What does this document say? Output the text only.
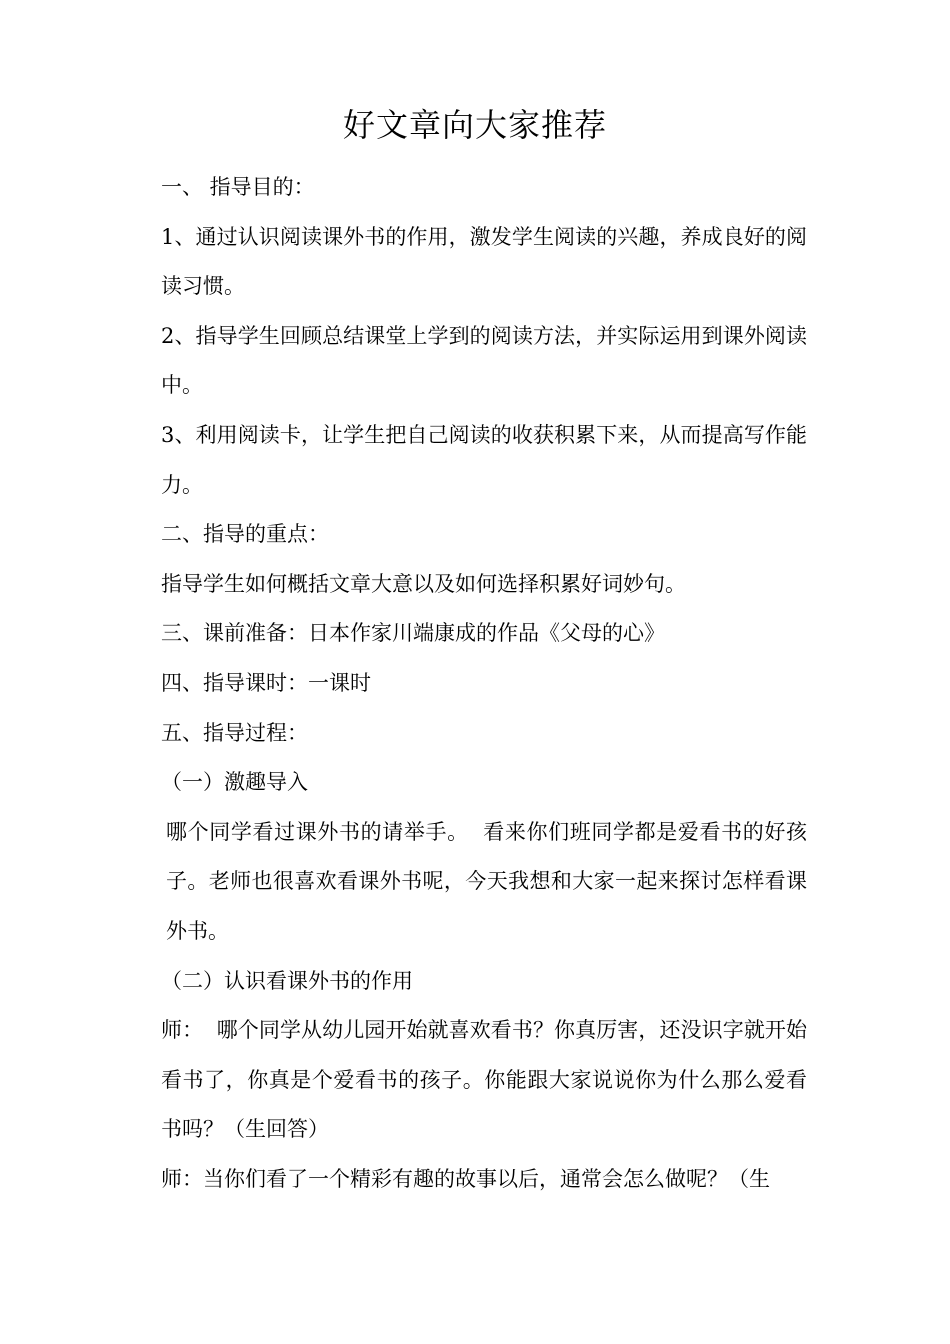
好文章向大家推荐

一、 指导目的：

1、通过认识阅读课外书的作用，激发学生阅读的兴趣，养成良好的阅读习惯。

2、指导学生回顾总结课堂上学到的阅读方法，并实际运用到课外阅读中。

3、利用阅读卡，让学生把自己阅读的收获积累下来，从而提高写作能力。

二、指导的重点：

指导学生如何概括文章大意以及如何选择积累好词妙句。

三、课前准备：日本作家川端康成的作品《父母的心》

四、指导课时：一课时

五、指导过程：

（一）激趣导入

哪个同学看过课外书的请举手。  看来你们班同学都是爱看书的好孩子。老师也很喜欢看课外书呢，今天我想和大家一起来探讨怎样看课外书。

（二）认识看课外书的作用

师：  哪个同学从幼儿园开始就喜欢看书？你真厉害，还没识字就开始看书了，你真是个爱看书的孩子。你能跟大家说说你为什么那么爱看书吗？（生回答）

师：当你们看了一个精彩有趣的故事以后，通常会怎么做呢？（生
